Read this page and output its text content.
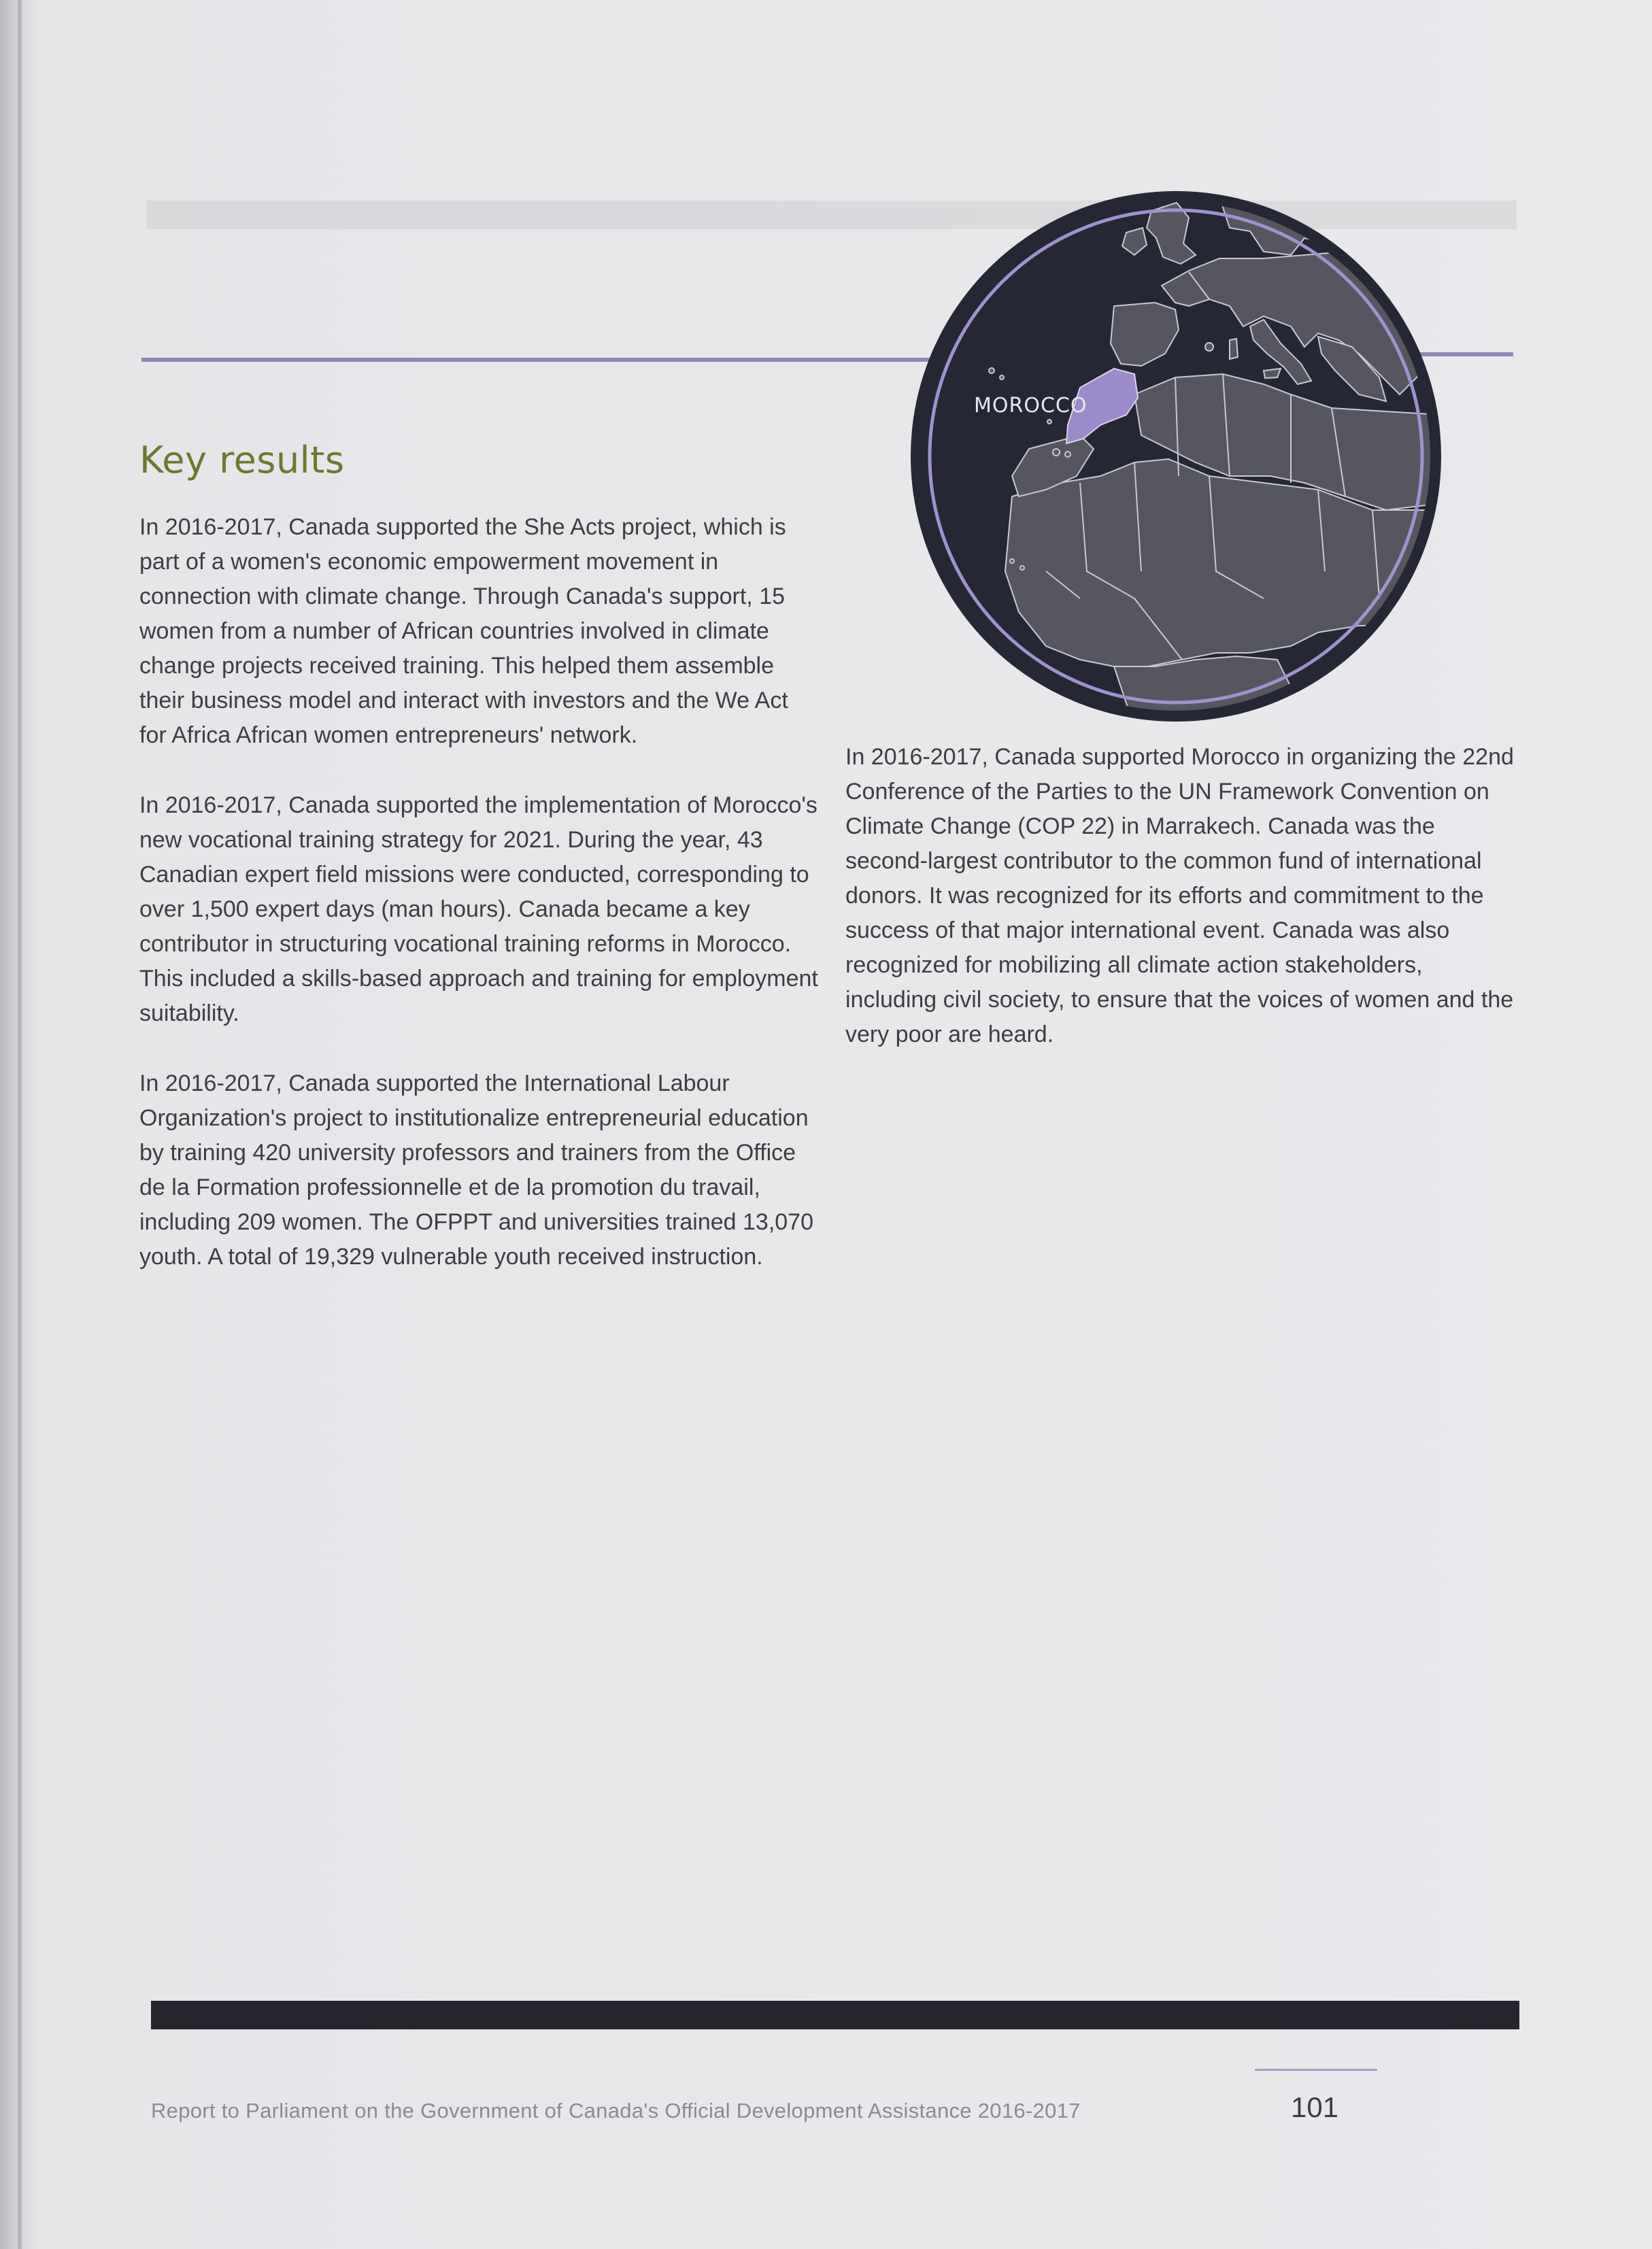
Key results

In 2016-2017, Canada supported the She Acts project, which is part of a women's economic empowerment movement in connection with climate change. Through Canada's support, 15 women from a number of African countries involved in climate change projects received training. This helped them assemble their business model and interact with investors and the We Act for Africa African women entrepreneurs' network.

In 2016-2017, Canada supported the implementation of Morocco's new vocational training strategy for 2021. During the year, 43 Canadian expert field missions were conducted, corresponding to over 1,500 expert days (man hours). Canada became a key contributor in structuring vocational training reforms in Morocco. This included a skills-based approach and training for employment suitability.

In 2016-2017, Canada supported the International Labour Organization's project to institutionalize entrepreneurial education by training 420 university professors and trainers from the Office de la Formation professionnelle et de la promotion du travail, including 209 women. The OFPPT and universities trained 13,070 youth. A total of 19,329 vulnerable youth received instruction.

MOROCCO

In 2016-2017, Canada supported Morocco in organizing the 22nd Conference of the Parties to the UN Framework Convention on Climate Change (COP 22) in Marrakech. Canada was the second-largest contributor to the common fund of international donors. It was recognized for its efforts and commitment to the success of that major international event. Canada was also recognized for mobilizing all climate action stakeholders, including civil society, to ensure that the voices of women and the very poor are heard.

Report to Parliament on the Government of Canada's Official Development Assistance 2016-2017	101
